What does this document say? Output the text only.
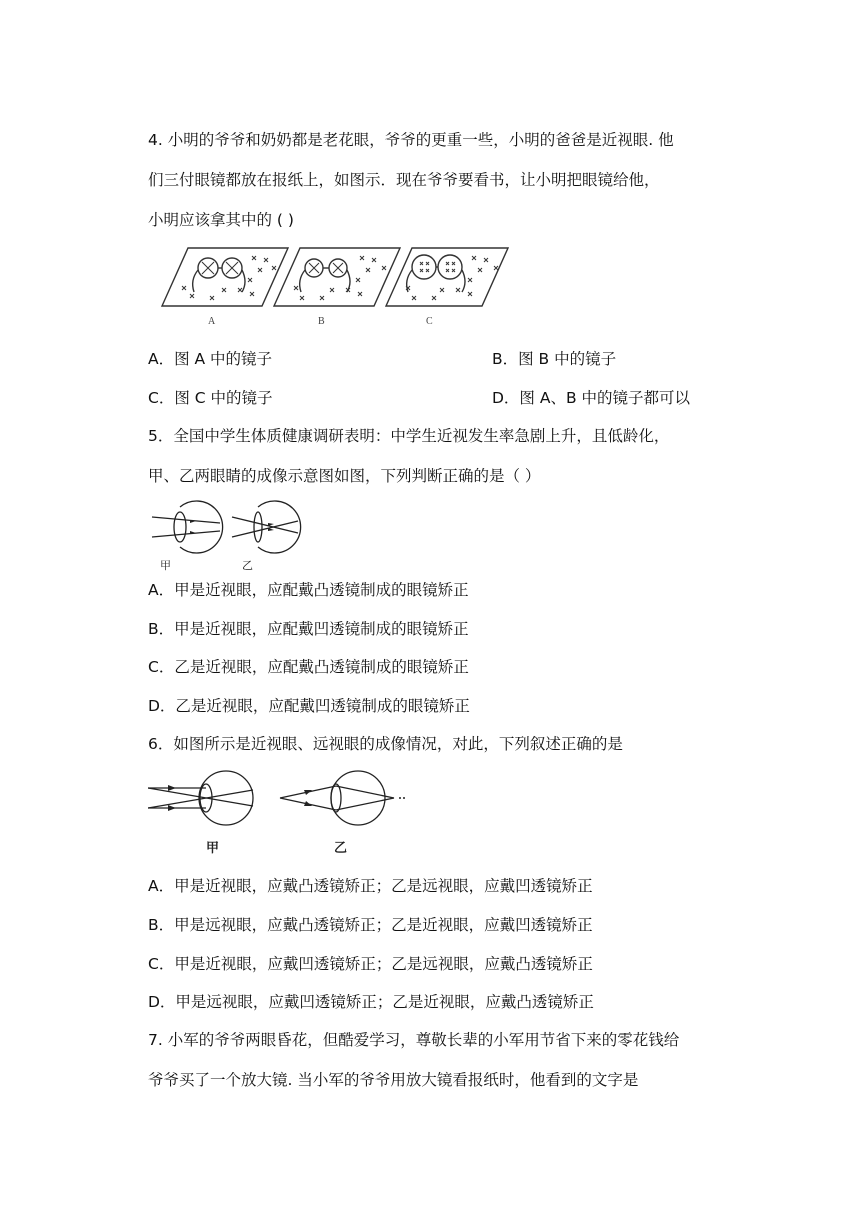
4. 小明的爷爷和奶奶都是老花眼，爷爷的更重一些，小明的爸爸是近视眼. 他
们三付眼镜都放在报纸上，如图示．现在爷爷要看书，让小明把眼镜给他，
小明应该拿其中的 ( )
A	B	C
A．图 A 中的镜子	B．图 B 中的镜子
C．图 C 中的镜子	D．图 A、B 中的镜子都可以
5．全国中学生体质健康调研表明：中学生近视发生率急剧上升，且低龄化，
甲、乙两眼睛的成像示意图如图，下列判断正确的是（ ）
甲	乙
A．甲是近视眼，应配戴凸透镜制成的眼镜矫正
B．甲是近视眼，应配戴凹透镜制成的眼镜矫正
C．乙是近视眼，应配戴凸透镜制成的眼镜矫正
D．乙是近视眼，应配戴凹透镜制成的眼镜矫正
6．如图所示是近视眼、远视眼的成像情况，对此，下列叙述正确的是
甲	乙
A．甲是近视眼，应戴凸透镜矫正；乙是远视眼，应戴凹透镜矫正
B．甲是远视眼，应戴凸透镜矫正；乙是近视眼，应戴凹透镜矫正
C．甲是近视眼，应戴凹透镜矫正；乙是远视眼，应戴凸透镜矫正
D．甲是远视眼，应戴凹透镜矫正；乙是近视眼，应戴凸透镜矫正
7. 小军的爷爷两眼昏花，但酷爱学习，尊敬长辈的小军用节省下来的零花钱给
爷爷买了一个放大镜. 当小军的爷爷用放大镜看报纸时，他看到的文字是
